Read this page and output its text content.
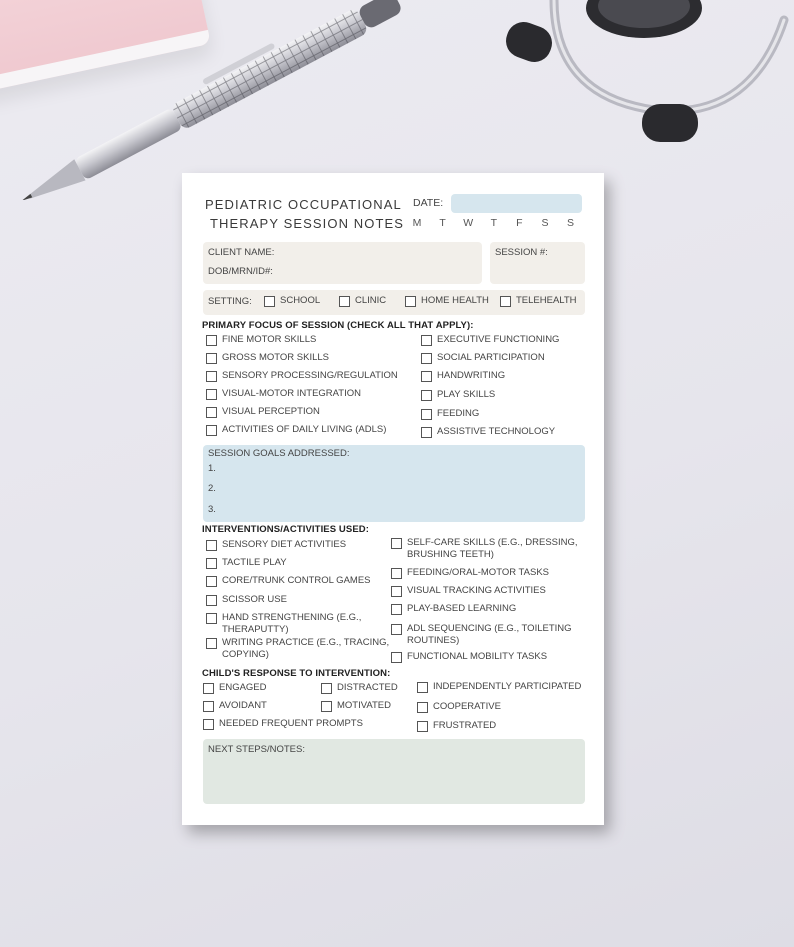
PEDIATRIC OCCUPATIONAL
THERAPY SESSION NOTES
DATE:
M T W T F S S
CLIENT NAME:
DOB/MRN/ID#:
SESSION #:
SETTING:	SCHOOL	CLINIC	HOME HEALTH	TELEHEALTH
PRIMARY FOCUS OF SESSION (CHECK ALL THAT APPLY):
FINE MOTOR SKILLS
GROSS MOTOR SKILLS
SENSORY PROCESSING/REGULATION
VISUAL-MOTOR INTEGRATION
VISUAL PERCEPTION
ACTIVITIES OF DAILY LIVING (ADLS)
EXECUTIVE FUNCTIONING
SOCIAL PARTICIPATION
HANDWRITING
PLAY SKILLS
FEEDING
ASSISTIVE TECHNOLOGY
SESSION GOALS ADDRESSED:
1.
2.
3.
INTERVENTIONS/ACTIVITIES USED:
SENSORY DIET ACTIVITIES
TACTILE PLAY
CORE/TRUNK CONTROL GAMES
SCISSOR USE
HAND STRENGTHENING (E.G., THERAPUTTY)
WRITING PRACTICE (E.G., TRACING, COPYING)
SELF-CARE SKILLS (E.G., DRESSING, BRUSHING TEETH)
FEEDING/ORAL-MOTOR TASKS
VISUAL TRACKING ACTIVITIES
PLAY-BASED LEARNING
ADL SEQUENCING (E.G., TOILETING ROUTINES)
FUNCTIONAL MOBILITY TASKS
CHILD'S RESPONSE TO INTERVENTION:
ENGAGED
AVOIDANT
NEEDED FREQUENT PROMPTS
DISTRACTED
MOTIVATED
INDEPENDENTLY PARTICIPATED
COOPERATIVE
FRUSTRATED
NEXT STEPS/NOTES:
